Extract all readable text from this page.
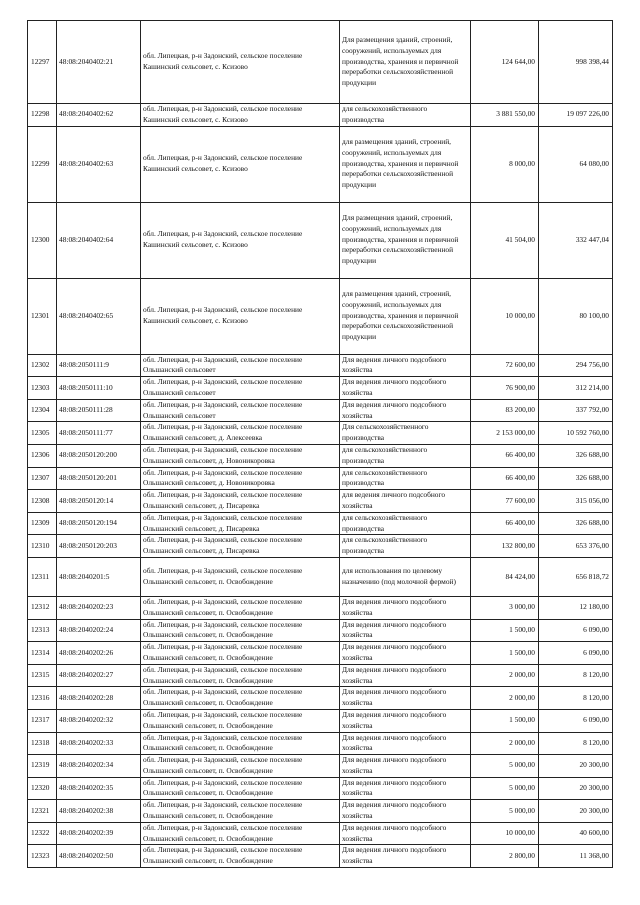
12297	48:08:2040402:21	обл. Липецкая, р-н Задонский, сельское поселение Кашинский сельсовет, с. Ксизово	Для размещения зданий, строений, сооружений, используемых для производства, хранения и первичной переработки сельскохозяйственной продукции	124 644,00	998 398,44
12298	48:08:2040402:62	обл. Липецкая, р-н Задонский, сельское поселение Кашинский сельсовет, с. Ксизово	для сельскохозяйственного производства	3 881 550,00	19 097 226,00
12299	48:08:2040402:63	обл. Липецкая, р-н Задонский, сельское поселение Кашинский сельсовет, с. Ксизово	для размещения зданий, строений, сооружений, используемых для производства, хранения и первичной переработки сельскохозяйственной продукции	8 000,00	64 080,00
12300	48:08:2040402:64	обл. Липецкая, р-н Задонский, сельское поселение Кашинский сельсовет, с. Ксизово	Для размещения зданий, строений, сооружений, используемых для производства, хранения и первичной переработки сельскохозяйственной продукции	41 504,00	332 447,04
12301	48:08:2040402:65	обл. Липецкая, р-н Задонский, сельское поселение Кашинский сельсовет, с. Ксизово	для размещения зданий, строений, сооружений, используемых для производства, хранения и первичной переработки сельскохозяйственной продукции	10 000,00	80 100,00
12302	48:08:2050111:9	обл. Липецкая, р-н Задонский, сельское поселение Ольшанский сельсовет	Для ведения личного подсобного хозяйства	72 600,00	294 756,00
12303	48:08:2050111:10	обл. Липецкая, р-н Задонский, сельское поселение Ольшанский сельсовет	Для ведения личного подсобного хозяйства	76 900,00	312 214,00
12304	48:08:2050111:28	обл. Липецкая, р-н Задонский, сельское поселение Ольшанский сельсовет	Для ведения личного подсобного хозяйства	83 200,00	337 792,00
12305	48:08:2050111:77	обл. Липецкая, р-н Задонский, сельское поселение Ольшанский сельсовет, д. Алексеевка	Для сельскохозяйственного производства	2 153 000,00	10 592 760,00
12306	48:08:2050120:200	обл. Липецкая, р-н Задонский, сельское поселение Ольшанский сельсовет, д. Новоникоровка	для сельскохозяйственного производства	66 400,00	326 688,00
12307	48:08:2050120:201	обл. Липецкая, р-н Задонский, сельское поселение Ольшанский сельсовет, д. Новоникоровка	для сельскохозяйственного производства	66 400,00	326 688,00
12308	48:08:2050120:14	обл. Липецкая, р-н Задонский, сельское поселение Ольшанский сельсовет, д. Писаревка	для ведения личного подсобного хозяйства	77 600,00	315 056,00
12309	48:08:2050120:194	обл. Липецкая, р-н Задонский, сельское поселение Ольшанский сельсовет, д. Писаревка	для сельскохозяйственного производства	66 400,00	326 688,00
12310	48:08:2050120:203	обл. Липецкая, р-н Задонский, сельское поселение Ольшанский сельсовет, д. Писаревка	для сельскохозяйственного производства	132 800,00	653 376,00
12311	48:08:2040201:5	обл. Липецкая, р-н Задонский, сельское поселение Ольшанский сельсовет, п. Освобождение	для использования по целевому назначению (под молочной фермой)	84 424,00	656 818,72
12312	48:08:2040202:23	обл. Липецкая, р-н Задонский, сельское поселение Ольшанский сельсовет, п. Освобождение	Для ведения личного подсобного хозяйства	3 000,00	12 180,00
12313	48:08:2040202:24	обл. Липецкая, р-н Задонский, сельское поселение Ольшанский сельсовет, п. Освобождение	Для ведения личного подсобного хозяйства	1 500,00	6 090,00
12314	48:08:2040202:26	обл. Липецкая, р-н Задонский, сельское поселение Ольшанский сельсовет, п. Освобождение	Для ведения личного подсобного хозяйства	1 500,00	6 090,00
12315	48:08:2040202:27	обл. Липецкая, р-н Задонский, сельское поселение Ольшанский сельсовет, п. Освобождение	Для ведения личного подсобного хозяйства	2 000,00	8 120,00
12316	48:08:2040202:28	обл. Липецкая, р-н Задонский, сельское поселение Ольшанский сельсовет, п. Освобождение	Для ведения личного подсобного хозяйства	2 000,00	8 120,00
12317	48:08:2040202:32	обл. Липецкая, р-н Задонский, сельское поселение Ольшанский сельсовет, п. Освобождение	Для ведения личного подсобного хозяйства	1 500,00	6 090,00
12318	48:08:2040202:33	обл. Липецкая, р-н Задонский, сельское поселение Ольшанский сельсовет, п. Освобождение	Для ведения личного подсобного хозяйства	2 000,00	8 120,00
12319	48:08:2040202:34	обл. Липецкая, р-н Задонский, сельское поселение Ольшанский сельсовет, п. Освобождение	Для ведения личного подсобного хозяйства	5 000,00	20 300,00
12320	48:08:2040202:35	обл. Липецкая, р-н Задонский, сельское поселение Ольшанский сельсовет, п. Освобождение	Для ведения личного подсобного хозяйства	5 000,00	20 300,00
12321	48:08:2040202:38	обл. Липецкая, р-н Задонский, сельское поселение Ольшанский сельсовет, п. Освобождение	Для ведения личного подсобного хозяйства	5 000,00	20 300,00
12322	48:08:2040202:39	обл. Липецкая, р-н Задонский, сельское поселение Ольшанский сельсовет, п. Освобождение	Для ведения личного подсобного хозяйства	10 000,00	40 600,00
12323	48:08:2040202:50	обл. Липецкая, р-н Задонский, сельское поселение Ольшанский сельсовет, п. Освобождение	Для ведения личного подсобного хозяйства	2 800,00	11 368,00
